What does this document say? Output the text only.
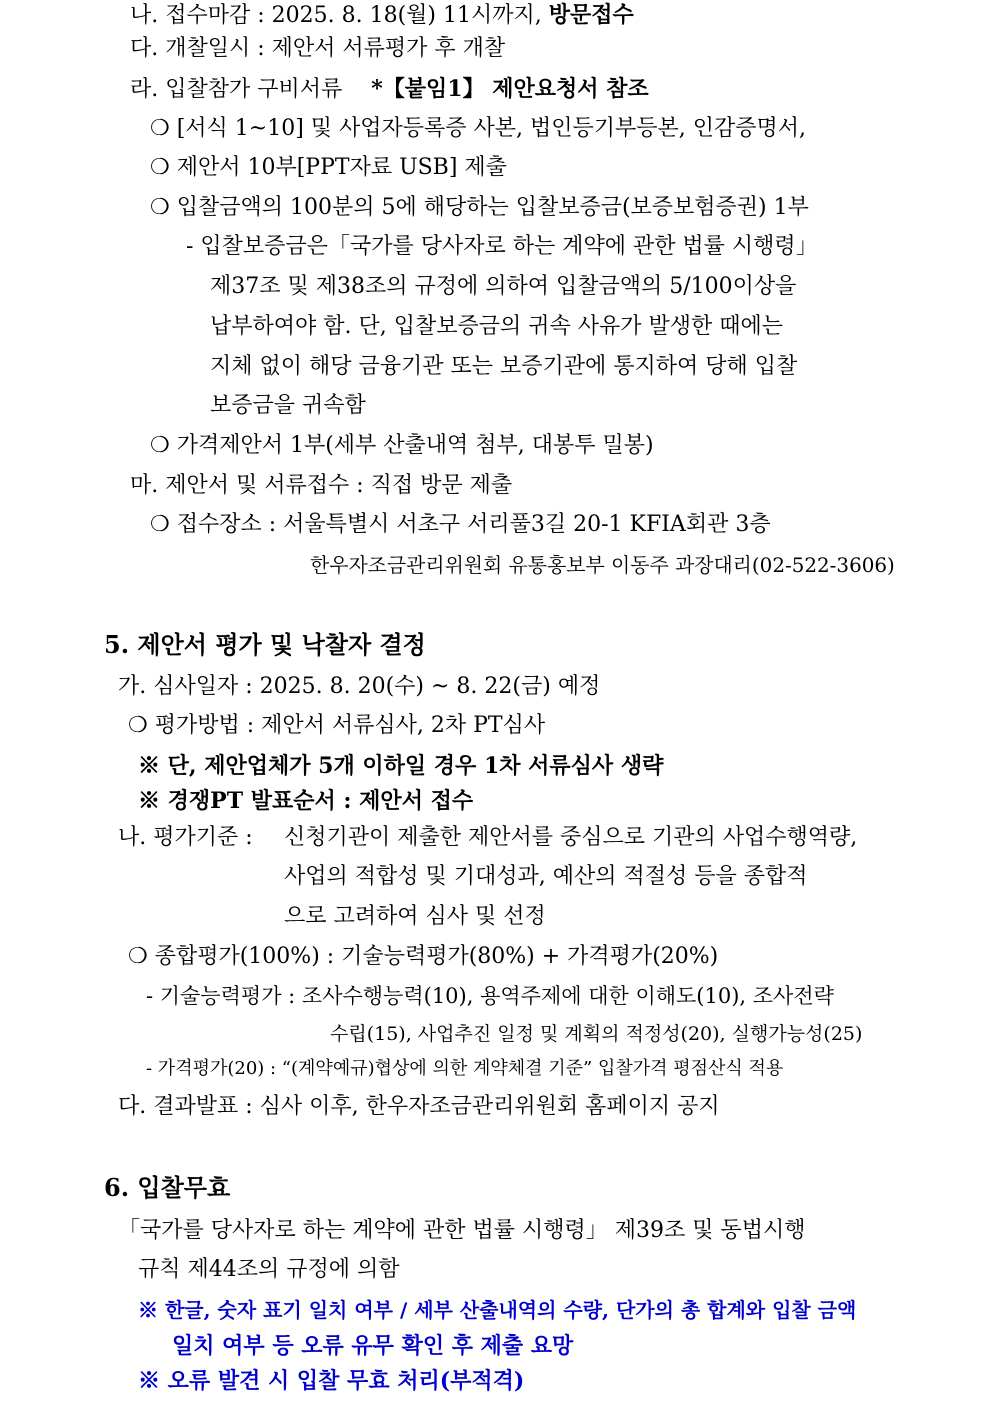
나. 접수마감 : 2025. 8. 18(월) 11시까지, 방문접수
다. 개찰일시 : 제안서 서류평가 후 개찰
라. 입찰참가 구비서류 *【붙임1】 제안요청서 참조
❍ [서식 1~10] 및 사업자등록증 사본, 법인등기부등본, 인감증명서,
❍ 제안서 10부[PPT자료 USB] 제출
❍ 입찰금액의 100분의 5에 해당하는 입찰보증금(보증보험증권) 1부
- 입찰보증금은「국가를 당사자로 하는 계약에 관한 법률 시행령」
제37조 및 제38조의 규정에 의하여 입찰금액의 5/100이상을
납부하여야 함. 단, 입찰보증금의 귀속 사유가 발생한 때에는
지체 없이 해당 금융기관 또는 보증기관에 통지하여 당해 입찰
보증금을 귀속함
❍ 가격제안서 1부(세부 산출내역 첨부, 대봉투 밀봉)
마. 제안서 및 서류접수 : 직접 방문 제출
❍ 접수장소 : 서울특별시 서초구 서리풀3길 20-1 KFIA회관 3층
한우자조금관리위원회 유통홍보부 이동주 과장대리(02-522-3606)
5. 제안서 평가 및 낙찰자 결정
가. 심사일자 : 2025. 8. 20(수) ~ 8. 22(금) 예정
❍ 평가방법 : 제안서 서류심사, 2차 PT심사
※ 단, 제안업체가 5개 이하일 경우 1차 서류심사 생략
※ 경쟁PT 발표순서 : 제안서 접수
나. 평가기준 : 신청기관이 제출한 제안서를 중심으로 기관의 사업수행역량,
사업의 적합성 및 기대성과, 예산의 적절성 등을 종합적
으로 고려하여 심사 및 선정
❍ 종합평가(100%) : 기술능력평가(80%) + 가격평가(20%)
- 기술능력평가 : 조사수행능력(10), 용역주제에 대한 이해도(10), 조사전략
수립(15), 사업추진 일정 및 계획의 적정성(20), 실행가능성(25)
- 가격평가(20) : “(계약예규)협상에 의한 계약체결 기준” 입찰가격 평점산식 적용
다. 결과발표 : 심사 이후, 한우자조금관리위원회 홈페이지 공지
6. 입찰무효
「국가를 당사자로 하는 계약에 관한 법률 시행령」 제39조 및 동법시행
규칙 제44조의 규정에 의함
※ 한글, 숫자 표기 일치 여부 / 세부 산출내역의 수량, 단가의 총 합계와 입찰 금액
일치 여부 등 오류 유무 확인 후 제출 요망
※ 오류 발견 시 입찰 무효 처리(부적격)
